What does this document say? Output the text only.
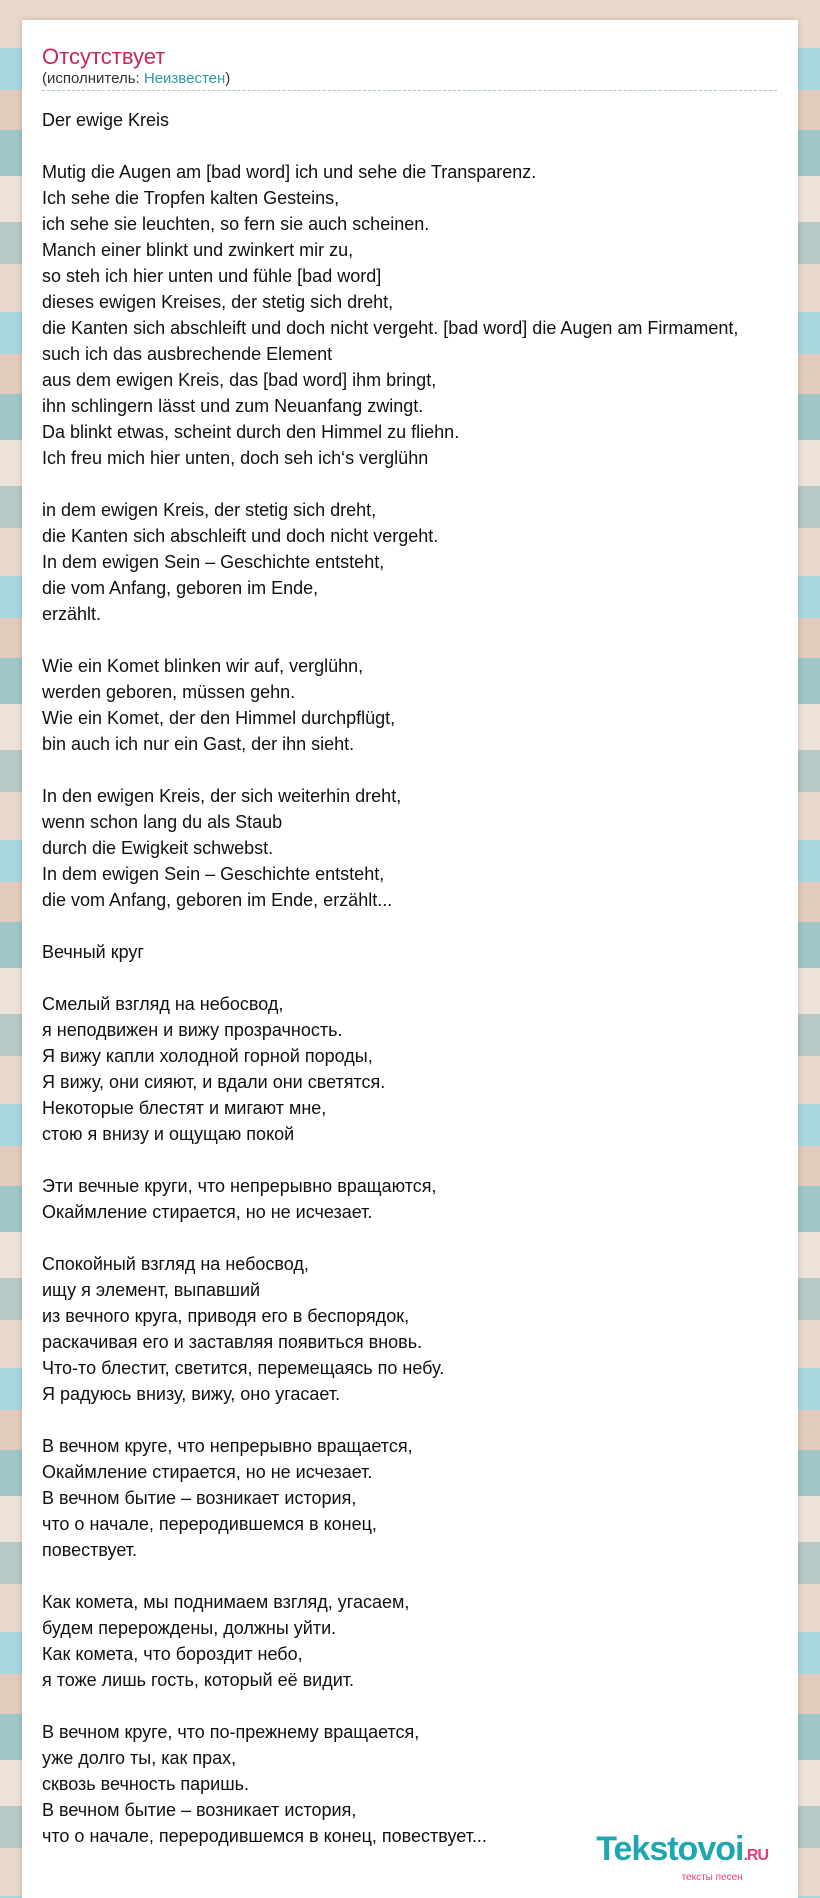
Отсутствует
(исполнитель: Неизвестен)
Der ewige Kreis
Mutig die Augen am [bad word] ich und sehe die Transparenz.
Ich sehe die Tropfen kalten Gesteins,
ich sehe sie leuchten, so fern sie auch scheinen.
Manch einer blinkt und zwinkert mir zu,
so steh ich hier unten und fühle [bad word]
dieses ewigen Kreises, der stetig sich dreht,
die Kanten sich abschleift und doch nicht vergeht. [bad word] die Augen am Firmament,
such ich das ausbrechende Element
aus dem ewigen Kreis, das [bad word] ihm bringt,
ihn schlingern lässt und zum Neuanfang zwingt.
Da blinkt etwas, scheint durch den Himmel zu fliehn.
Ich freu mich hier unten, doch seh ich‘s verglühn
in dem ewigen Kreis, der stetig sich dreht,
die Kanten sich abschleift und doch nicht vergeht.
In dem ewigen Sein – Geschichte entsteht,
die vom Anfang, geboren im Ende,
erzählt.
Wie ein Komet blinken wir auf, verglühn,
werden geboren, müssen gehn.
Wie ein Komet, der den Himmel durchpflügt,
bin auch ich nur ein Gast, der ihn sieht.
In den ewigen Kreis, der sich weiterhin dreht,
wenn schon lang du als Staub
durch die Ewigkeit schwebst.
In dem ewigen Sein – Geschichte entsteht,
die vom Anfang, geboren im Ende, erzählt...
Вечный круг
Смелый взгляд на небосвод,
я неподвижен и вижу прозрачность.
Я вижу капли холодной горной породы,
Я вижу, они сияют, и вдали они светятся.
Некоторые блестят и мигают мне,
стою я внизу и ощущаю покой
Эти вечные круги, что непрерывно вращаются,
Окаймление стирается, но не исчезает.
Спокойный взгляд на небосвод,
ищу я элемент, выпавший
из вечного круга, приводя его в беспорядок,
раскачивая его и заставляя появиться вновь.
Что-то блестит, светится, перемещаясь по небу.
Я радуюсь внизу, вижу, оно угасает.
В вечном круге, что непрерывно вращается,
Окаймление стирается, но не исчезает.
В вечном бытие – возникает история,
что о начале, переродившемся в конец,
повествует.
Как комета, мы поднимаем взгляд, угасаем,
будем перерождены, должны уйти.
Как комета, что бороздит небо,
я тоже лишь гость, который её видит.
В вечном круге, что по-прежнему вращается,
уже долго ты, как прах,
сквозь вечность паришь.
В вечном бытие – возникает история,
что о начале, переродившемся в конец, повествует...	Tekstovoi.RU
тексты песен
